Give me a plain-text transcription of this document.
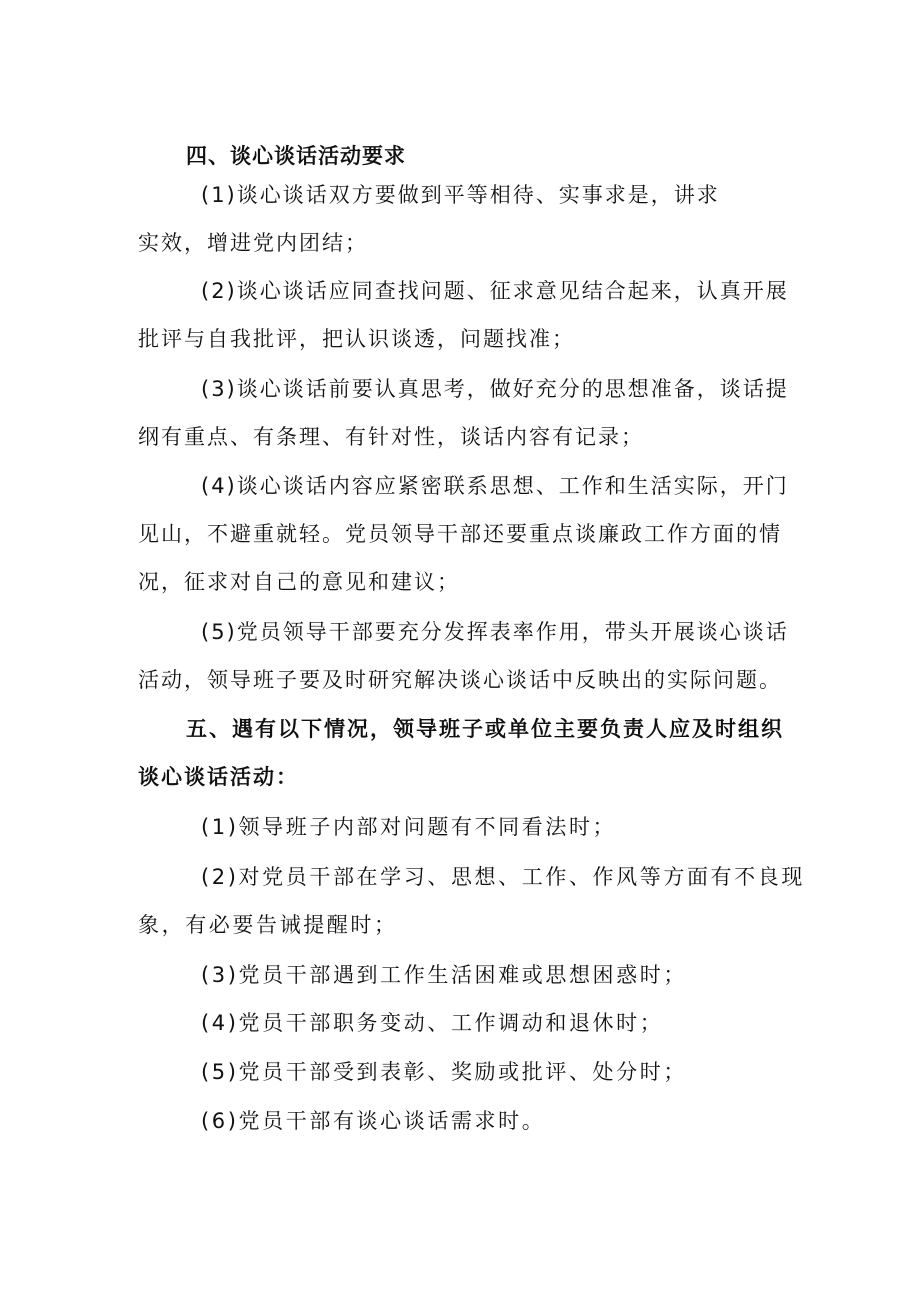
四、谈心谈话活动要求
(1)谈心谈话双方要做到平等相待、实事求是，讲求
实效，增进党内团结；
(2)谈心谈话应同查找问题、征求意见结合起来，认真开展
批评与自我批评，把认识谈透，问题找准；
(3)谈心谈话前要认真思考，做好充分的思想准备，谈话提
纲有重点、有条理、有针对性，谈话内容有记录；
(4)谈心谈话内容应紧密联系思想、工作和生活实际，开门
见山，不避重就轻。党员领导干部还要重点谈廉政工作方面的情
况，征求对自己的意见和建议；
(5)党员领导干部要充分发挥表率作用，带头开展谈心谈话
活动，领导班子要及时研究解决谈心谈话中反映出的实际问题。
五、遇有以下情况，领导班子或单位主要负责人应及时组织
谈心谈话活动：
(1)领导班子内部对问题有不同看法时；
(2)对党员干部在学习、思想、工作、作风等方面有不良现
象，有必要告诫提醒时；
(3)党员干部遇到工作生活困难或思想困惑时；
(4)党员干部职务变动、工作调动和退休时；
(5)党员干部受到表彰、奖励或批评、处分时；
(6)党员干部有谈心谈话需求时。
